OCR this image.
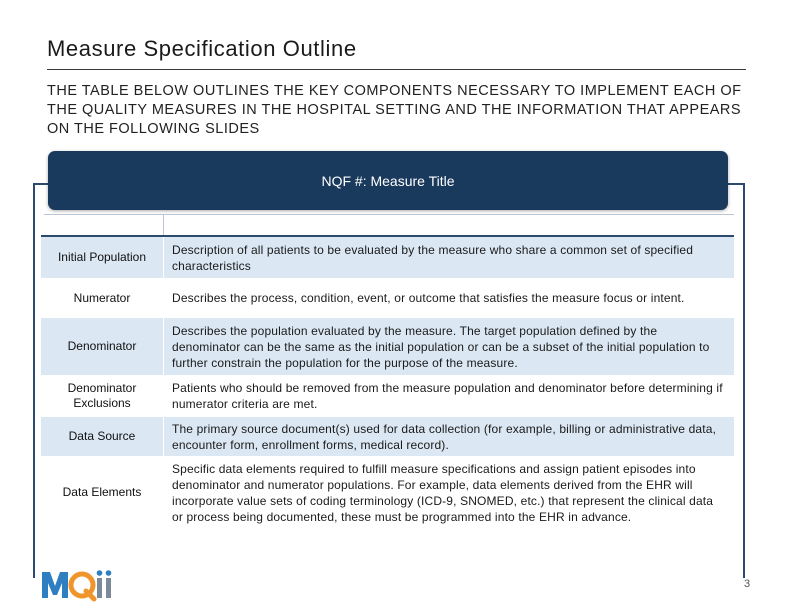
Measure Specification Outline
THE TABLE BELOW OUTLINES THE KEY COMPONENTS NECESSARY TO IMPLEMENT EACH OF THE QUALITY MEASURES IN THE HOSPITAL SETTING AND THE INFORMATION THAT APPEARS ON THE FOLLOWING SLIDES
NQF #: Measure Title
Initial Population
Description of all patients to be evaluated by the measure who share a common set of specified characteristics
Numerator	Describes the process, condition, event, or outcome that satisfies the measure focus or intent.
Denominator
Describes the population evaluated by the measure. The target population defined by the denominator can be the same as the initial population or can be a subset of the initial population to further constrain the population for the purpose of the measure.
Denominator Exclusions
Patients who should be removed from the measure population and denominator before determining if numerator criteria are met.
Data Source
The primary source document(s) used for data collection (for example, billing or administrative data, encounter form, enrollment forms, medical record).
Data Elements
Specific data elements required to fulfill measure specifications and assign patient episodes into denominator and numerator populations. For example, data elements derived from the EHR will incorporate value sets of coding terminology (ICD-9, SNOMED, etc.) that represent the clinical data or process being documented, these must be programmed into the EHR in advance.
3
